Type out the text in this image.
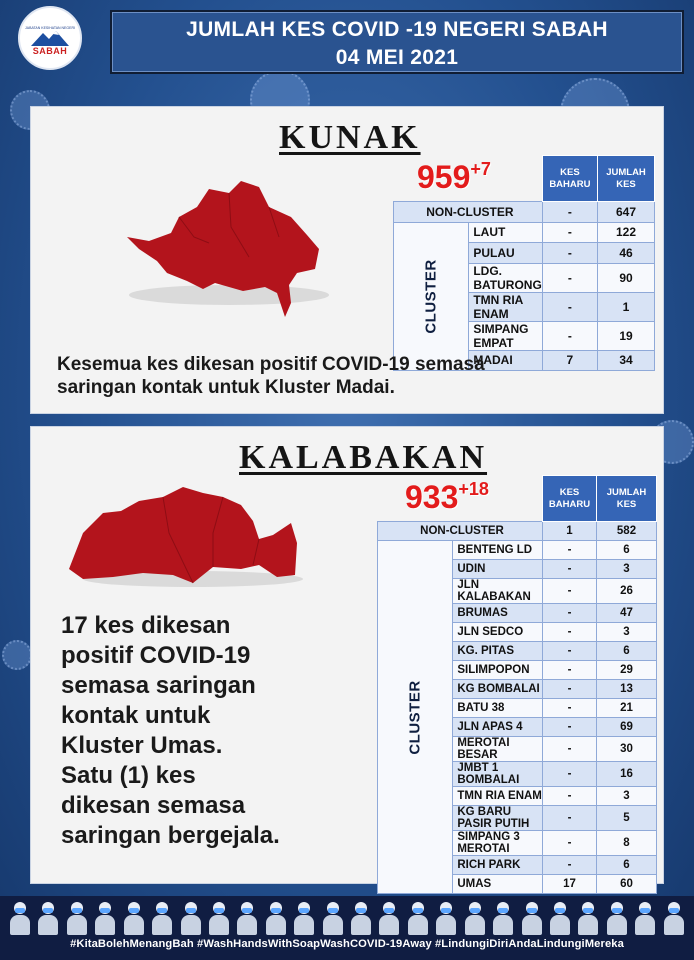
JABATAN KESIHATAN NEGERI
SABAH
JUMLAH KES COVID -19 NEGERI SABAH
04 MEI 2021
KUNAK
$959^{+7}$
		KES BAHARU	JUMLAH KES
NON-CLUSTER		-	647
CLUSTER	LAUT	-	122
	PULAU	-	46
	LDG. BATURONG	-	90
	TMN RIA ENAM	-	1
	SIMPANG EMPAT	-	19
	MADAI	7	34
Kesemua kes dikesan positif COVID-19 semasa
saringan kontak untuk Kluster Madai.
KALABAKAN
$933^{+18}$
		KES BAHARU	JUMLAH KES
NON-CLUSTER		1	582
CLUSTER	BENTENG LD	-	6
	UDIN	-	3
	JLN KALABAKAN	-	26
	BRUMAS	-	47
	JLN SEDCO	-	3
	KG. PITAS	-	6
	SILIMPOPON	-	29
	KG BOMBALAI	-	13
	BATU 38	-	21
	JLN APAS 4	-	69
	MEROTAI BESAR	-	30
	JMBT 1 BOMBALAI	-	16
	TMN RIA ENAM	-	3
	KG BARU PASIR PUTIH	-	5
	SIMPANG 3 MEROTAI	-	8
	RICH PARK	-	6
	UMAS	17	60
17 kes dikesan
positif COVID-19
semasa saringan
kontak untuk
Kluster Umas.
Satu (1) kes
dikesan semasa
saringan bergejala.
#KitaBolehMenangBah #WashHandsWithSoapWashCOVID-19Away #LindungiDiriAndaLindungiMereka
